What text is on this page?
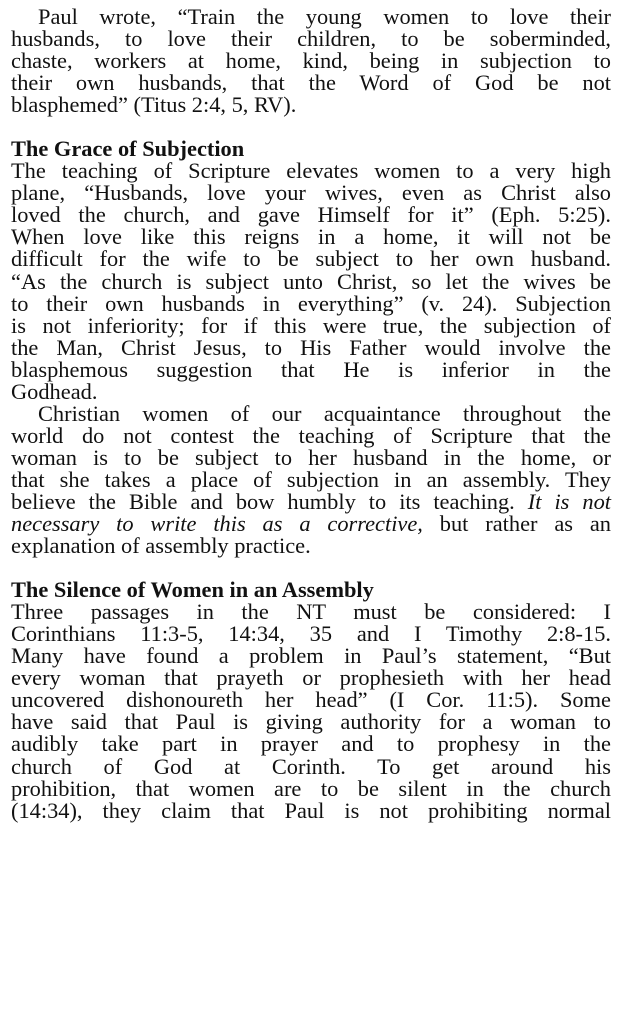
Paul wrote, “Train the young women to love their
husbands, to love their children, to be soberminded,
chaste, workers at home, kind, being in subjection to
their own husbands, that the Word of God be not
blasphemed” (Titus 2:4, 5, RV).
The Grace of Subjection
The teaching of Scripture elevates women to a very high
plane, “Husbands, love your wives, even as Christ also
loved the church, and gave Himself for it” (Eph. 5:25).
When love like this reigns in a home, it will not be
difficult for the wife to be subject to her own husband.
“As the church is subject unto Christ, so let the wives be
to their own husbands in everything” (v. 24). Subjection
is not inferiority; for if this were true, the subjection of
the Man, Christ Jesus, to His Father would involve the
blasphemous suggestion that He is inferior in the
Godhead.
Christian women of our acquaintance throughout the
world do not contest the teaching of Scripture that the
woman is to be subject to her husband in the home, or
that she takes a place of subjection in an assembly. They
believe the Bible and bow humbly to its teaching. It is not
necessary to write this as a corrective, but rather as an
explanation of assembly practice.
The Silence of Women in an Assembly
Three passages in the NT must be considered: I
Corinthians 11:3-5, 14:34, 35 and I Timothy 2:8-15.
Many have found a problem in Paul’s statement, “But
every woman that prayeth or prophesieth with her head
uncovered dishonoureth her head” (I Cor. 11:5). Some
have said that Paul is giving authority for a woman to
audibly take part in prayer and to prophesy in the
church of God at Corinth. To get around his
prohibition, that women are to be silent in the church
(14:34), they claim that Paul is not prohibiting normal
